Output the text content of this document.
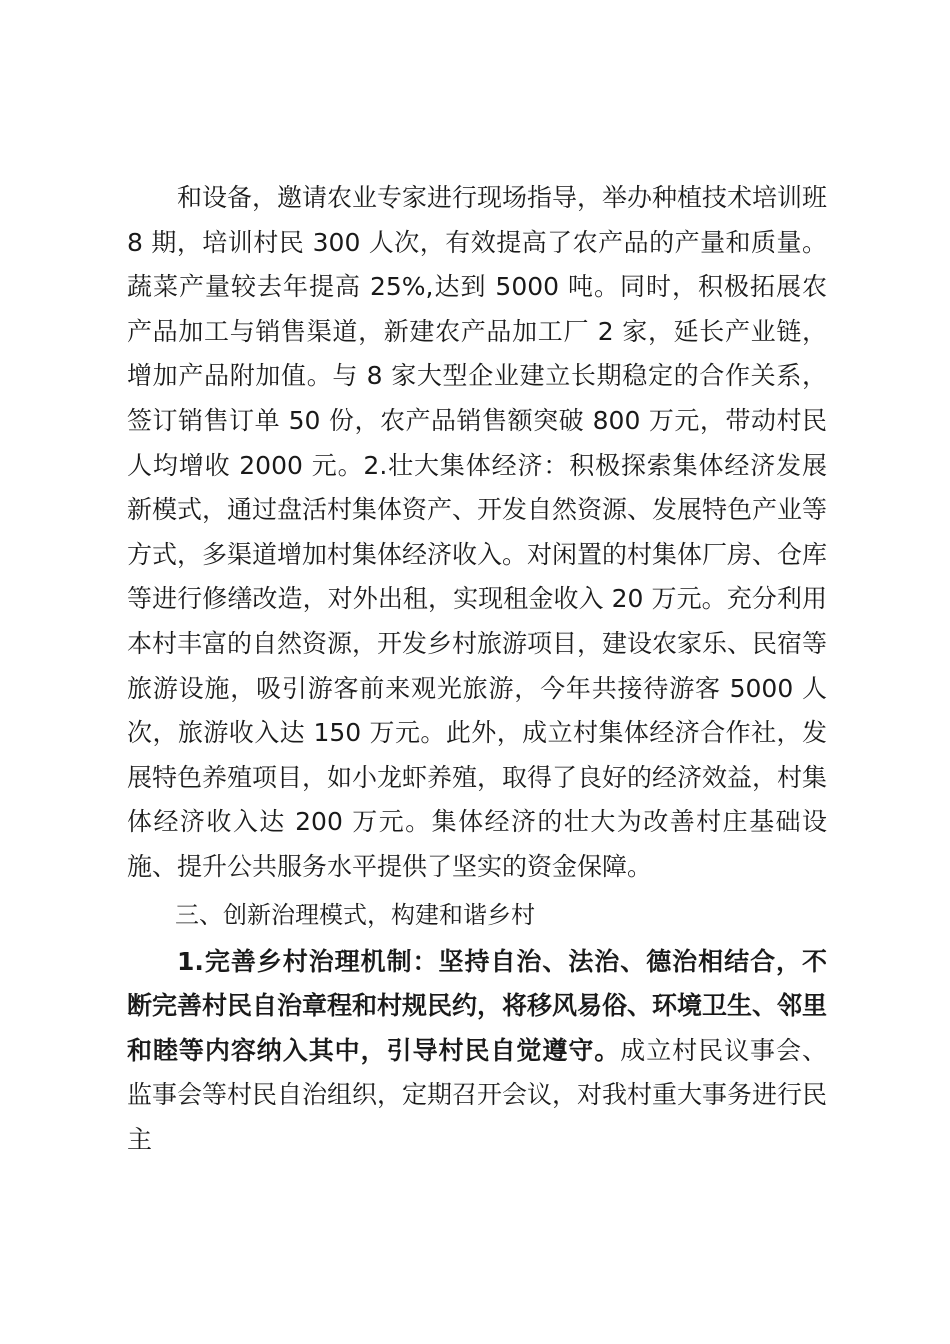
和设备，邀请农业专家进行现场指导，举办种植技术培训班 8 期，培训村民 300 人次，有效提高了农产品的产量和质量。蔬菜产量较去年提高 25%,达到 5000 吨。同时，积极拓展农产品加工与销售渠道，新建农产品加工厂 2 家，延长产业链，增加产品附加值。与 8 家大型企业建立长期稳定的合作关系，签订销售订单 50 份，农产品销售额突破 800 万元，带动村民人均增收 2000 元。2.壮大集体经济：积极探索集体经济发展新模式，通过盘活村集体资产、开发自然资源、发展特色产业等方式，多渠道增加村集体经济收入。对闲置的村集体厂房、仓库等进行修缮改造，对外出租，实现租金收入 20 万元。充分利用本村丰富的自然资源，开发乡村旅游项目，建设农家乐、民宿等旅游设施，吸引游客前来观光旅游，今年共接待游客 5000 人次，旅游收入达 150 万元。此外，成立村集体经济合作社，发展特色养殖项目，如小龙虾养殖，取得了良好的经济效益，村集体经济收入达 200 万元。集体经济的壮大为改善村庄基础设施、提升公共服务水平提供了坚实的资金保障。

三、创新治理模式，构建和谐乡村

1.完善乡村治理机制：坚持自治、法治、德治相结合，不断完善村民自治章程和村规民约，将移风易俗、环境卫生、邻里和睦等内容纳入其中，引导村民自觉遵守。成立村民议事会、监事会等村民自治组织，定期召开会议，对我村重大事务进行民主
